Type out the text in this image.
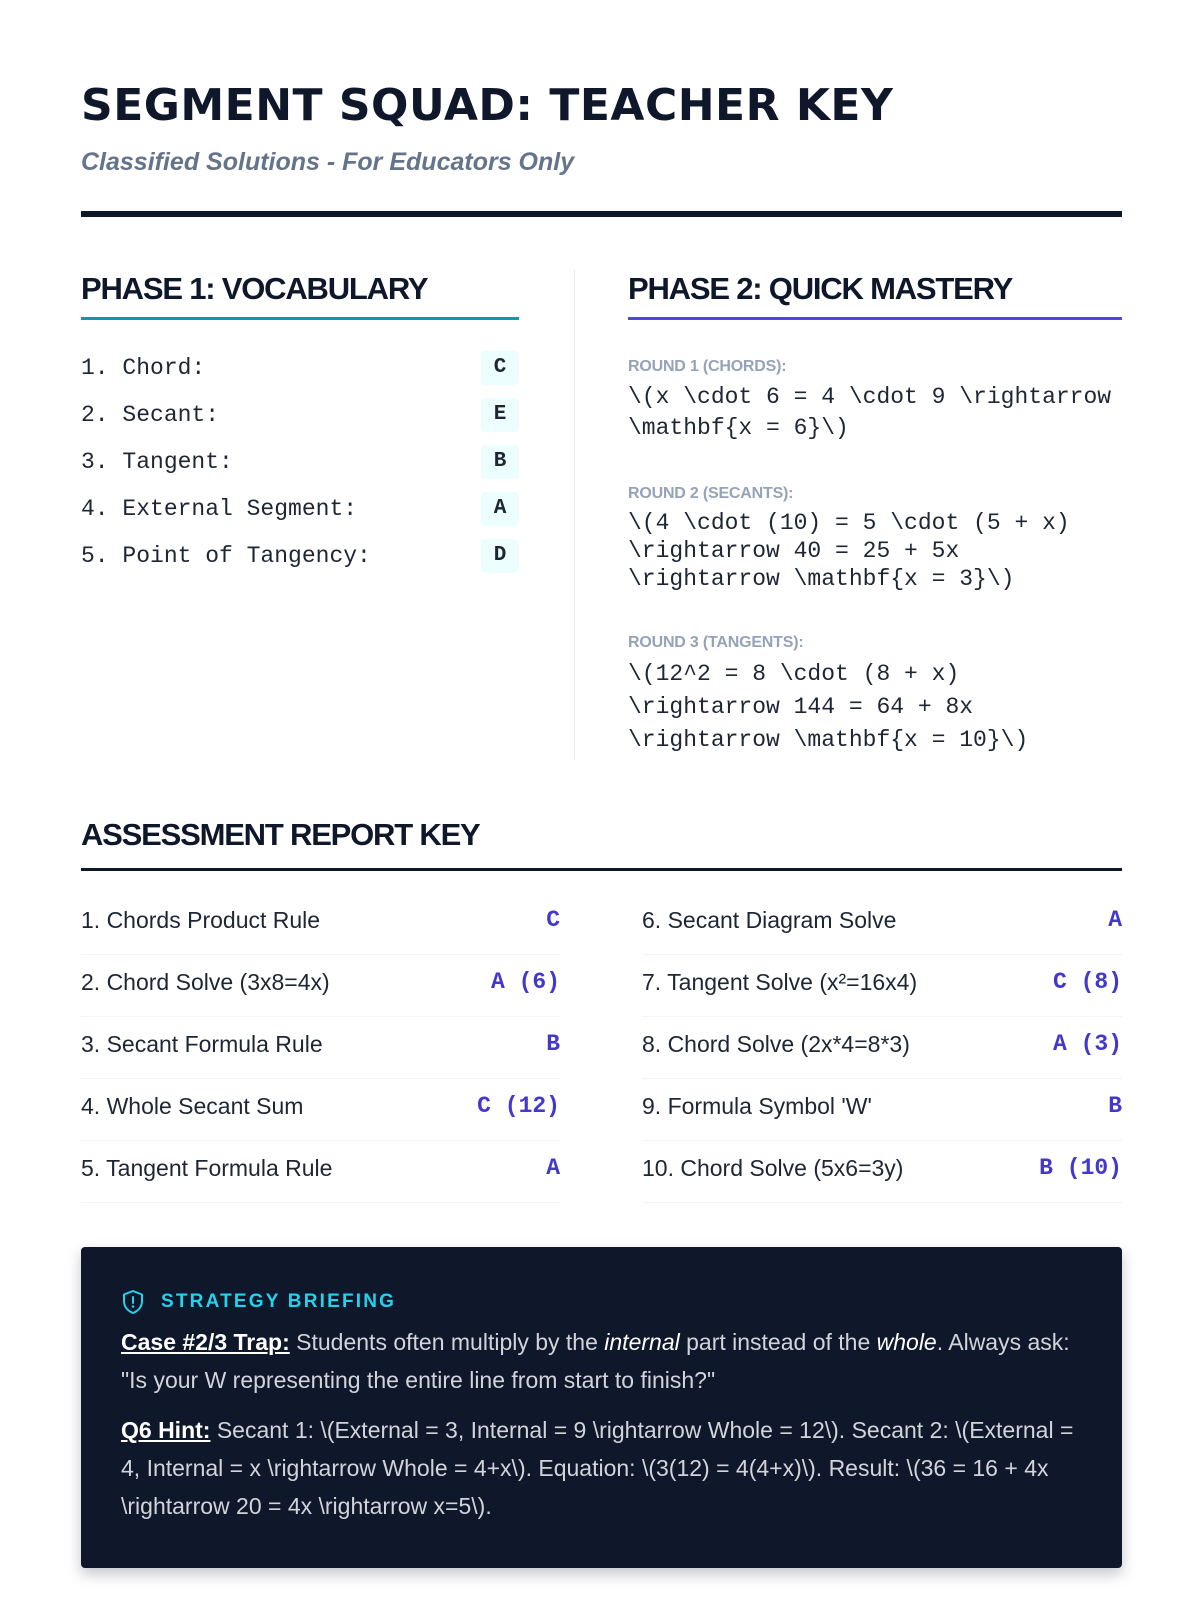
SEGMENT SQUAD: TEACHER KEY
Classified Solutions - For Educators Only
PHASE 1: VOCABULARY
1. Chord:	C
2. Secant:	E
3. Tangent:	B
4. External Segment:	A
5. Point of Tangency:	D
PHASE 2: QUICK MASTERY
ROUND 1 (CHORDS):
\(x \cdot 6 = 4 \cdot 9 \rightarrow \mathbf{x = 6}\)
ROUND 2 (SECANTS):
\(4 \cdot (10) = 5 \cdot (5 + x)
\rightarrow 40 = 25 + 5x
\rightarrow \mathbf{x = 3}\)
ROUND 3 (TANGENTS):
\(12^2 = 8 \cdot (8 + x)
\rightarrow 144 = 64 + 8x
\rightarrow \mathbf{x = 10}\)
ASSESSMENT REPORT KEY
1. Chords Product Rule	C
2. Chord Solve (3x8=4x)	A (6)
3. Secant Formula Rule	B
4. Whole Secant Sum	C (12)
5. Tangent Formula Rule	A
6. Secant Diagram Solve	A
7. Tangent Solve (x²=16x4)	C (8)
8. Chord Solve (2x*4=8*3)	A (3)
9. Formula Symbol 'W'	B
10. Chord Solve (5x6=3y)	B (10)
STRATEGY BRIEFING

Case #2/3 Trap: Students often multiply by the internal part instead of the whole. Always ask: "Is your W representing the entire line from start to finish?"

Q6 Hint: Secant 1: \(External = 3, Internal = 9 \rightarrow Whole = 12\). Secant 2: \(External = 4, Internal = x \rightarrow Whole = 4+x\). Equation: \(3(12) = 4(4+x)\). Result: \(36 = 16 + 4x \rightarrow 20 = 4x \rightarrow x=5\).
